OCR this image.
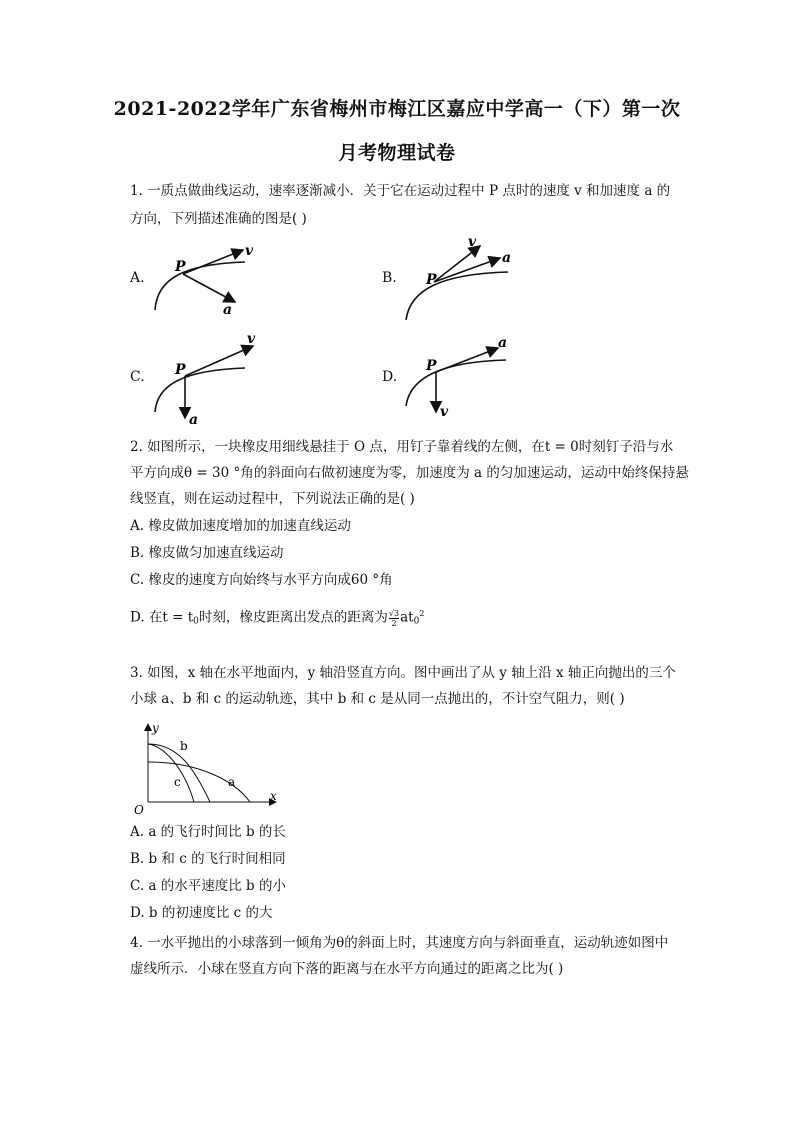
2021-2022学年广东省梅州市梅江区嘉应中学高一（下）第一次
月考物理试卷
1. 一质点做曲线运动，速率逐渐减小．关于它在运动过程中 P 点时的速度 v 和加速度 a 的
方向，下列描述准确的图是( )
A.
P
v
a
B. P
v
a
C. P
v
a
D.
P
a
v
2. 如图所示，一块橡皮用细线悬挂于 O 点，用钉子靠着线的左侧，在t = 0时刻钉子沿与水
平方向成θ = 30 °角的斜面向右做初速度为零，加速度为 a 的匀加速运动，运动中始终保持悬
线竖直，则在运动过程中，下列说法正确的是( )
A. 橡皮做加速度增加的加速直线运动
B. 橡皮做匀加速直线运动
C. 橡皮的速度方向始终与水平方向成60 °角
D. 在$t = t_0$时刻，橡皮距离出发点的距离为 $\frac{√3}{2} at_0^2$
3. 如图，x 轴在水平地面内，y 轴沿竖直方向。图中画出了从 y 轴上沿 x 轴正向抛出的三个
小球 a、b 和 c 的运动轨迹，其中 b 和 c 是从同一点抛出的，不计空气阻力，则( )
y
x
O
b
c	a
A. a 的飞行时间比 b 的长
B. b 和 c 的飞行时间相同
C. a 的水平速度比 b 的小
D. b 的初速度比 c 的大
4. 一水平抛出的小球落到一倾角为θ的斜面上时，其速度方向与斜面垂直，运动轨迹如图中
虚线所示．小球在竖直方向下落的距离与在水平方向通过的距离之比为( )
